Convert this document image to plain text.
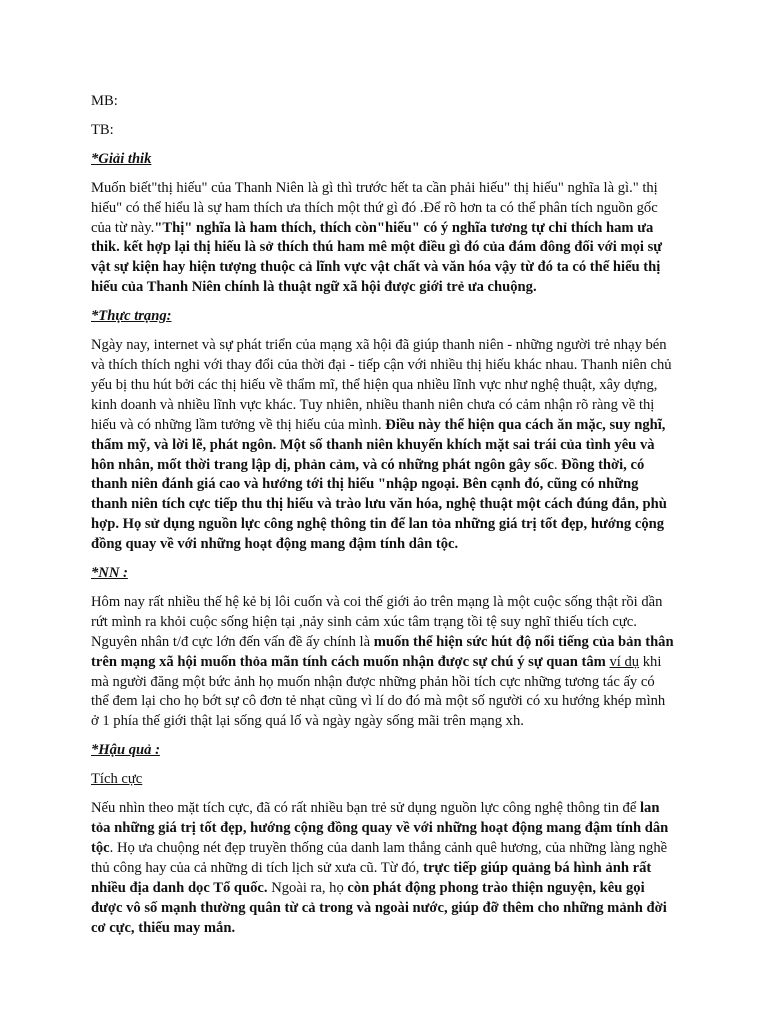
MB:

TB:

*Giải thik

Muốn biết"thị hiếu" của Thanh Niên là gì thì trước hết ta cần phải hiếu" thị hiếu" nghĩa là gì." thị hiếu" có thể hiểu là sự ham thích ưa thích một thứ gì đó .Để rõ hơn ta có thể phân tích nguồn gốc của từ này."Thị" nghĩa là ham thích, thích còn"hiếu" có ý nghĩa tương tự chỉ thích ham ưa thik. kết hợp lại thị hiếu là sở thích thú ham mê một điều gì đó của đám đông đối với mọi sự vật sự kiện hay hiện tượng thuộc cả lĩnh vực vật chất và văn hóa vậy từ đó ta có thể hiểu thị hiếu của Thanh Niên chính là thuật ngữ xã hội được giới trẻ ưa chuộng.

*Thực trạng:

Ngày nay, internet và sự phát triển của mạng xã hội đã giúp thanh niên - những người trẻ nhạy bén và thích thích nghi với thay đổi của thời đại - tiếp cận với nhiều thị hiếu khác nhau. Thanh niên chủ yếu bị thu hút bởi các thị hiếu về thẩm mĩ, thể hiện qua nhiều lĩnh vực như nghệ thuật, xây dựng, kinh doanh và nhiều lĩnh vực khác. Tuy nhiên, nhiều thanh niên chưa có cảm nhận rõ ràng về thị hiếu và có những lầm tưởng về thị hiếu của mình. Điều này thể hiện qua cách ăn mặc, suy nghĩ, thẩm mỹ, và lời lẽ, phát ngôn. Một số thanh niên khuyến khích mặt sai trái của tình yêu và hôn nhân, mốt thời trang lập dị, phản cảm, và có những phát ngôn gây sốc. Đồng thời, có thanh niên đánh giá cao và hướng tới thị hiếu "nhập ngoại. Bên cạnh đó, cũng có những thanh niên tích cực tiếp thu thị hiếu và trào lưu văn hóa, nghệ thuật một cách đúng đắn, phù hợp. Họ sử dụng nguồn lực công nghệ thông tin để lan tỏa những giá trị tốt đẹp, hướng cộng đồng quay về với những hoạt động mang đậm tính dân tộc.

*NN :

Hôm nay rất nhiều thế hệ kẻ bị lôi cuốn và coi thế giới ảo trên mạng là một cuộc sống thật rồi dần rứt mình ra khỏi cuộc sống hiện tại ,nảy sinh cảm xúc tâm trạng tồi tệ suy nghĩ thiếu tích cực. Nguyên nhân t/đ cực lớn đến vấn đề ấy chính là muốn thể hiện sức hút độ nổi tiếng của bản thân trên mạng xã hội muốn thỏa mãn tính cách muốn nhận được sự chú ý sự quan tâm ví dụ khi mà người đăng một bức ảnh họ muốn nhận được những phản hồi tích cực những tương tác ấy có thể đem lại cho họ bớt sự cô đơn tẻ nhạt cũng vì lí do đó mà một số người có xu hướng khép mình ở 1 phía thế giới thật lại sống quá lố và ngày ngày sống mãi trên mạng xh.

*Hậu quả :

Tích cực

Nếu nhìn theo mặt tích cực, đã có rất nhiều bạn trẻ sử dụng nguồn lực công nghệ thông tin để lan tỏa những giá trị tốt đẹp, hướng cộng đồng quay về với những hoạt động mang đậm tính dân tộc. Họ ưa chuộng nét đẹp truyền thống của danh lam thắng cảnh quê hương, của những làng nghề thủ công hay của cả những di tích lịch sử xưa cũ. Từ đó, trực tiếp giúp quảng bá hình ảnh rất nhiều địa danh dọc Tổ quốc. Ngoài ra, họ còn phát động phong trào thiện nguyện, kêu gọi được vô số mạnh thường quân từ cả trong và ngoài nước, giúp đỡ thêm cho những mảnh đời cơ cực, thiếu may mắn.
